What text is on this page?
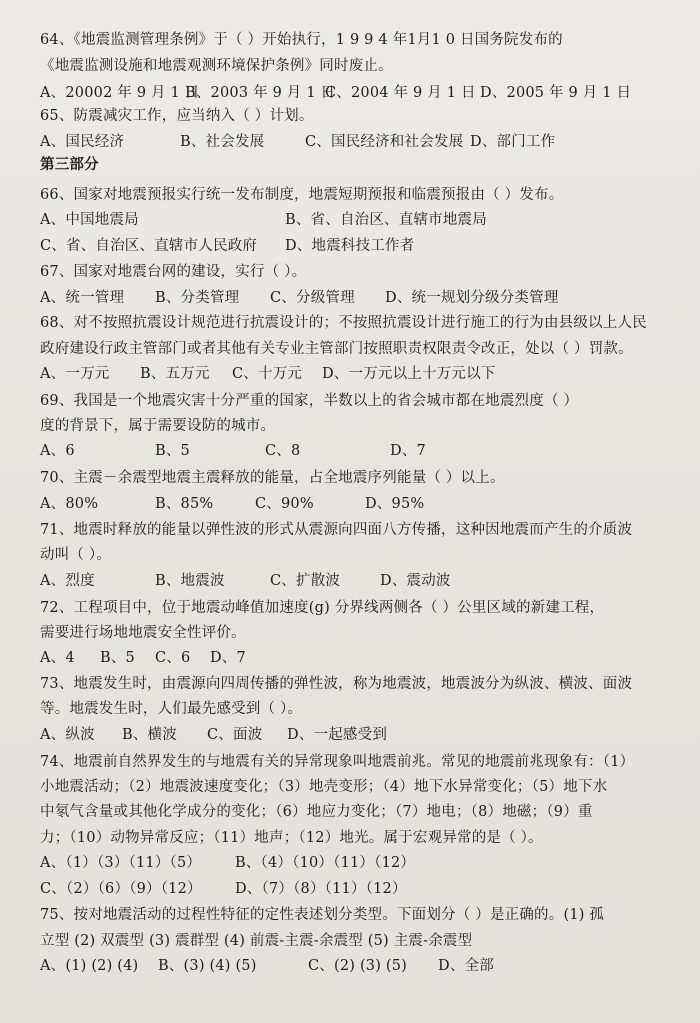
64、《地震监测管理条例》于（ ）开始执行，1 9 9 4 年1月1 0 日国务院发布的
《地震监测设施和地震观测环境保护条例》同时废止。
A、20002 年 9 月 1 日
B、2003 年 9 月 1 日
C、2004 年 9 月 1 日 D、2005 年 9 月 1 日
65、防震减灾工作，应当纳入（ ）计划。
A、国民经济	B、社会发展	C、国民经济和社会发展 D、部门工作
第三部分
66、国家对地震预报实行统一发布制度，地震短期预报和临震预报由（ ）发布。
A、中国地震局	B、省、自治区、直辖市地震局
C、省、自治区、直辖市人民政府	D、地震科技工作者
67、国家对地震台网的建设，实行（ ）。
A、统一管理	B、分类管理	C、分级管理	D、统一规划分级分类管理
68、对不按照抗震设计规范进行抗震设计的；不按照抗震设计进行施工的行为由县级以上人民
政府建设行政主管部门或者其他有关专业主管部门按照职责权限责令改正，处以（ ）罚款。
A、一万元	B、五万元	C、十万元	D、一万元以上十万元以下
69、我国是一个地震灾害十分严重的国家，半数以上的省会城市都在地震烈度（ ）
度的背景下，属于需要设防的城市。
A、6	B、5	C、8	D、7
70、主震－余震型地震主震释放的能量，占全地震序列能量（ ）以上。
A、80%	B、85%	C、90%	D、95%
71、地震时释放的能量以弹性波的形式从震源向四面八方传播，这种因地震而产生的介质波
动叫（ ）。
A、烈度	B、地震波	C、扩散波	D、震动波
72、工程项目中，位于地震动峰值加速度(g) 分界线两侧各（ ）公里区域的新建工程，
需要进行场地地震安全性评价。
A、4	B、5	C、6	D、7
73、地震发生时，由震源向四周传播的弹性波，称为地震波，地震波分为纵波、横波、面波
等。地震发生时，人们最先感受到（ ）。
A、纵波	B、横波	C、面波	D、一起感受到
74、地震前自然界发生的与地震有关的异常现象叫地震前兆。常见的地震前兆现象有：（1）
小地震活动；（2）地震波速度变化；（3）地壳变形；（4）地下水异常变化；（5）地下水
中氡气含量或其他化学成分的变化；（6）地应力变化；（7）地电；（8）地磁；（9）重
力；（10）动物异常反应；（11）地声；（12）地光。属于宏观异常的是（ ）。
A、（1）（3）（11）（5）	B、（4）（10）（11）（12）
C、（2）（6）（9）（12）	D、（7）（8）（11）（12）
75、按对地震活动的过程性特征的定性表述划分类型。下面划分（ ）是正确的。(1) 孤
立型 (2) 双震型 (3) 震群型 (4) 前震-主震-余震型 (5) 主震-余震型
A、(1) (2) (4)	B、(3) (4) (5)	C、(2) (3) (5)	D、全部
